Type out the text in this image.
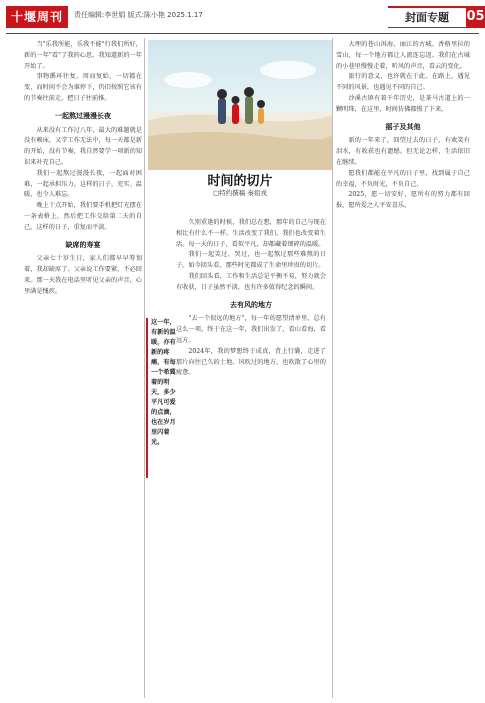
十堰周刊	责任编辑:李世娟 版式:陈小艳 2025.1.17	封面专题	05

当"乐我所能，乐我不能"行我们所好，新的一年"看"了我的心思，我知道新的一年开始了。

事物循环往复，周而复始，一切都在变，而时间不会为谁停下，仍旧按照它该有的节奏往前走，把日子往前推。

一起熬过漫漫长夜

从来没有工作过八年，最大的难题就是没有赖床，又学工作无法中，每一天都是新的开始，没有节奏，我自然要学一项新的知识来补充自己。

我们一起熬过漫漫长夜，一起面对困难，一起承担压力。这样的日子，充实、温暖，也令人难忘。

晚上十点开始，我们要手机把灯光摆在一条表格上，然后把工作交给第二天的自己，这样的日子，重复而平淡。

缺席的寿宴

父亲七十岁生日，家人们都早早筹划着，我却缺席了。父亲说工作要紧，不必回来。那一天我在电话里听见父亲的声音，心里满是愧疚。

时间的切片
□特约撰稿 秦祖戎
这一年，有新的温暖，亦有新的疼痛，有每一个希冀着的明天，多少平凡可爱的点滴，也在岁月里闪着光。

久别重逢的时候，我们总在想，那年的自己与现在相比有什么不一样。生活改变了我们，我们也改变着生活。每一天的日子，看似平凡，却都藏着细碎的温暖。

我们一起笑过、哭过，也一起熬过那些难熬的日子。如今回头看，那些时光都成了生命里珍贵的切片。

我们回头看，工作和生活总是平衡不易，努力就会有收获，日子虽然平淡，也有许多值得纪念的瞬间。

去有风的地方

"去一个很远的地方"，每一年的愿望清单里，总有这么一项。终于在这一年，我们出发了，看山看海，看远方。

2024年，我的梦想终于成真，背上行囊，走进了那片向往已久的土地。风吹过的地方，也吹散了心里的疲惫。

大理的苍山洱海、丽江的古城、香格里拉的雪山，每一个地方都让人流连忘返。我们在古城的小巷里慢慢走着，听风的声音，看云的变化。

旅行的意义，也许就在于此。在路上，遇见不同的风景，也遇见不同的自己。

沙溪古镇有着千年历史，是茶马古道上的一颗明珠，在这里，时间仿佛都慢了下来。

摇子及其他

新的一年来了，回望过去的日子，有欢笑有泪水，有收获也有遗憾。但无论怎样，生活依旧在继续。

愿我们都能在平凡的日子里，找到属于自己的幸福，不负时光，不负自己。

2025，愿一切安好，愿所有的努力都有回报，愿所爱之人平安喜乐。
